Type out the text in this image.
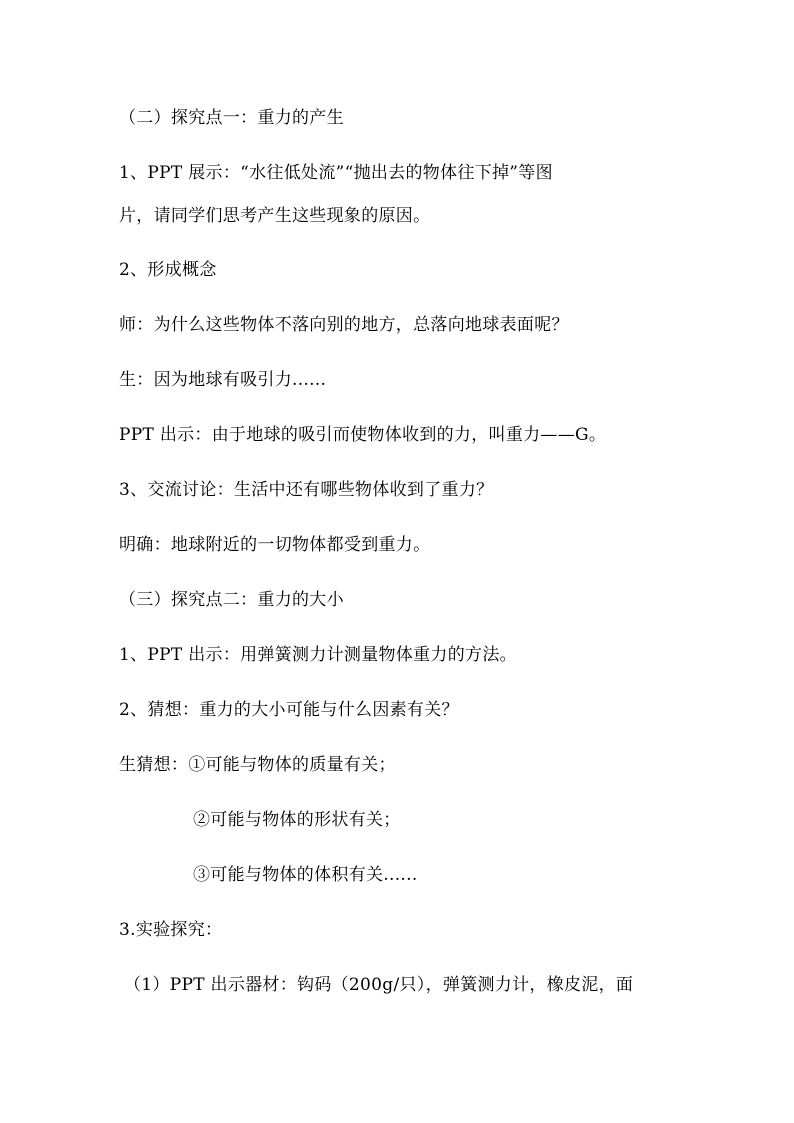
（二）探究点一：重力的产生
1、PPT 展示：“水往低处流”“抛出去的物体往下掉”等图
片，请同学们思考产生这些现象的原因。
2、形成概念
师：为什么这些物体不落向别的地方，总落向地球表面呢？
生：因为地球有吸引力......
PPT 出示：由于地球的吸引而使物体收到的力，叫重力——G。
3、交流讨论：生活中还有哪些物体收到了重力？
明确：地球附近的一切物体都受到重力。
（三）探究点二：重力的大小
1、PPT 出示：用弹簧测力计测量物体重力的方法。
2、猜想：重力的大小可能与什么因素有关？
生猜想：①可能与物体的质量有关；
②可能与物体的形状有关；
③可能与物体的体积有关......
3.实验探究：
（1）PPT 出示器材：钩码（200g/只），弹簧测力计，橡皮泥，面
